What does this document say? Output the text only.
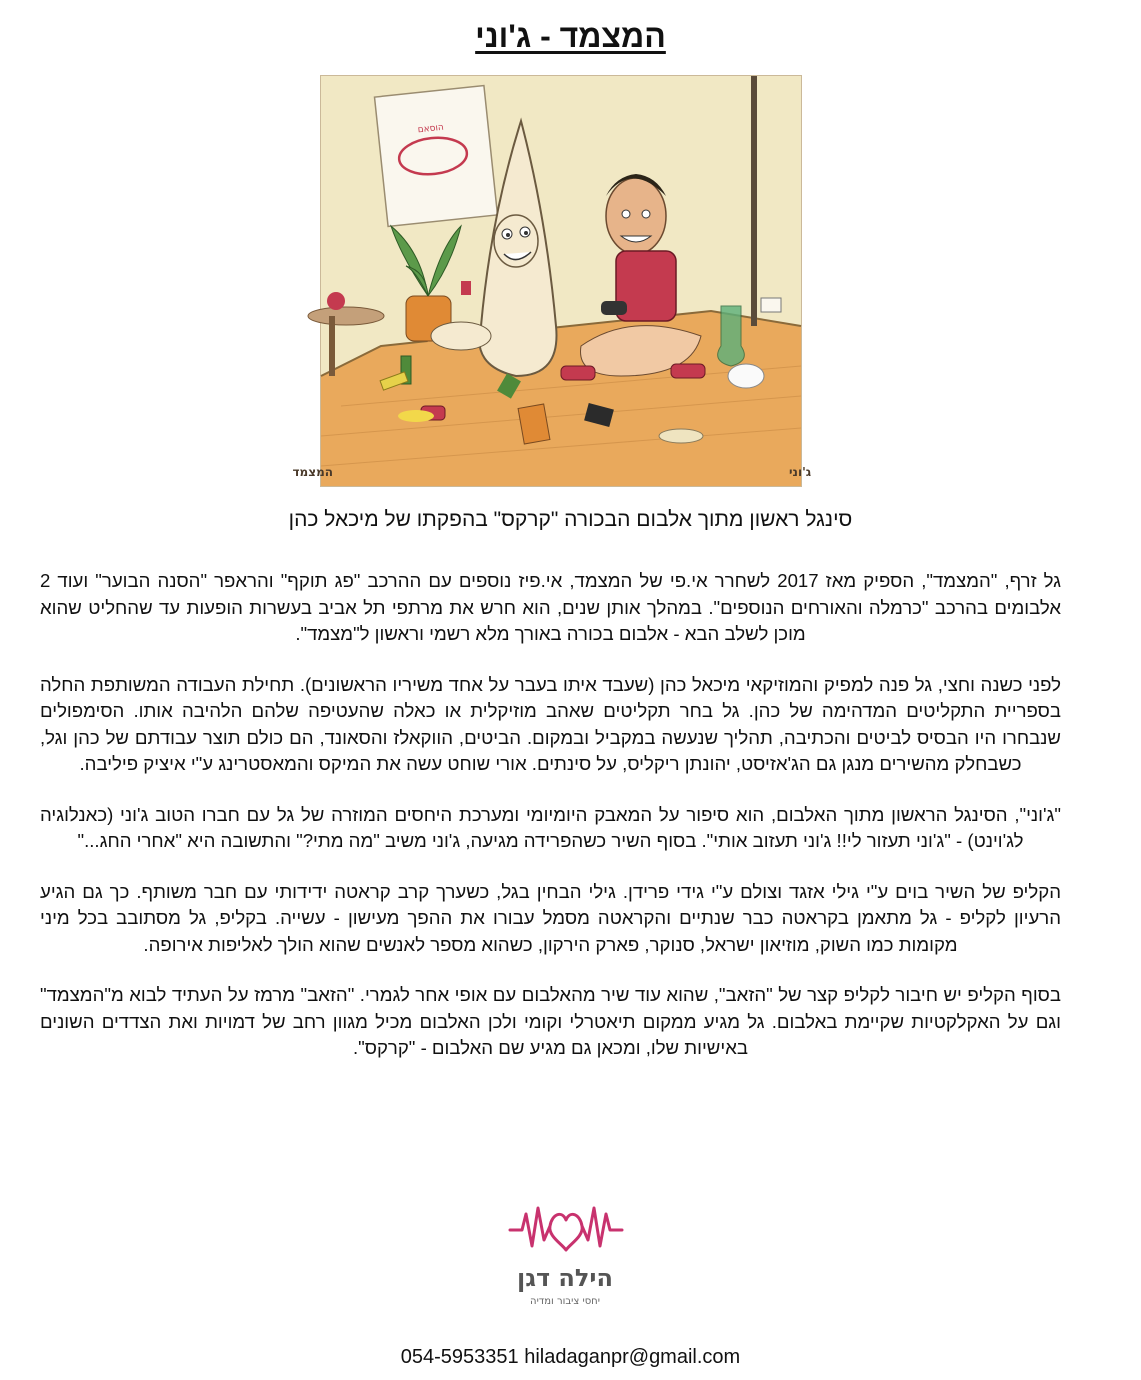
המצמד - ג'וני
הוסאם
המצמד	ג'וני
סינגל ראשון מתוך אלבום הבכורה "קרקס" בהפקתו של מיכאל כהן

גל זרף, "המצמד", הספיק מאז 2017 לשחרר אי.פי של המצמד, אי.פיז נוספים עם ההרכב "פג תוקף" והראפר "הסנה הבוער" ועוד 2 אלבומים בהרכב "כרמלה והאורחים הנוספים". במהלך אותן שנים, הוא חרש את מרתפי תל אביב בעשרות הופעות עד שהחליט שהוא מוכן לשלב הבא - אלבום בכורה באורך מלא רשמי וראשון ל"מצמד".

לפני כשנה וחצי, גל פנה למפיק והמוזיקאי מיכאל כהן (שעבד איתו בעבר על אחד משיריו הראשונים). תחילת העבודה המשותפת החלה בספריית התקליטים המדהימה של כהן. גל בחר תקליטים שאהב מוזיקלית או כאלה שהעטיפה שלהם הלהיבה אותו. הסימפולים שנבחרו היו הבסיס לביטים והכתיבה, תהליך שנעשה במקביל ובמקום. הביטים, הווקאלז והסאונד, הם כולם תוצר עבודתם של כהן וגל, כשבחלק מהשירים מנגן גם הג'אזיסט, יהונתן ריקליס, על סינתים. אורי שוחט עשה את המיקס והמאסטרינג ע"י איציק פיליבה.

"ג'וני", הסינגל הראשון מתוך האלבום, הוא סיפור על המאבק היומיומי ומערכת היחסים המוזרה של גל עם חברו הטוב ג'וני (כאנלוגיה לג'וינט) - "ג'וני תעזור לי!! ג'וני תעזוב אותי". בסוף השיר כשהפרידה מגיעה, ג'וני משיב "מה מתי?" והתשובה היא "אחרי החג..."

הקליפ של השיר בוים ע"י גילי אזגד וצולם ע"י גידי פרידן. גילי הבחין בגל, כשערך קרב קראטה ידידותי עם חבר משותף. כך גם הגיע הרעיון לקליפ - גל מתאמן בקראטה כבר שנתיים והקראטה מסמל עבורו את ההפך מעישון - עשייה. בקליפ, גל מסתובב בכל מיני מקומות כמו השוק, מוזיאון ישראל, סנוקר, פארק הירקון, כשהוא מספר לאנשים שהוא הולך לאליפות אירופה.

בסוף הקליפ יש חיבור לקליפ קצר של "הזאב", שהוא עוד שיר מהאלבום עם אופי אחר לגמרי. "הזאב" מרמז על העתיד לבוא מ"המצמד" וגם על האקלקטיות שקיימת באלבום. גל מגיע ממקום תיאטרלי וקומי ולכן האלבום מכיל מגוון רחב של דמויות ואת הצדדים השונים באישיות שלו, ומכאן גם מגיע שם האלבום - "קרקס".

הילה דגן
יחסי ציבור ומדיה
054-5953351 hiladaganpr@gmail.com
